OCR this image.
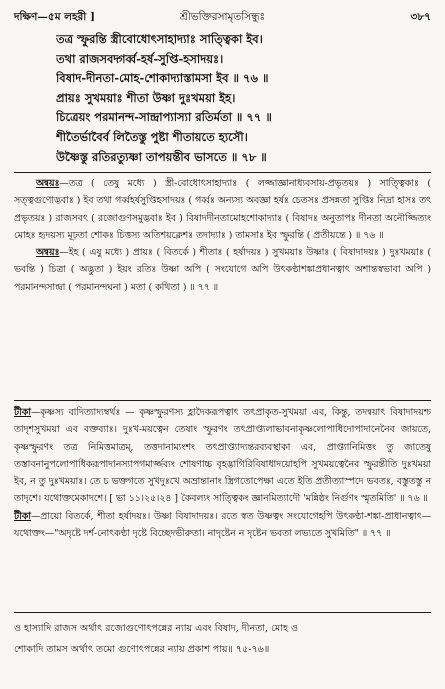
দক্ষিণ—৫ম লহরী ]	শ্রীভক্তিরসামৃতসিন্ধুঃ	৩৮৭
তত্র স্ফুরন্তি স্ত্রীবোধোৎসাহাদ্যাঃ সাত্ত্বিকা ইব।
তথা রাজসবদ্গর্ব্ব-হর্ষ-সুপ্তি-হসাদয়ঃ।
বিষাদ-দীনতা-মোহ-শোকাদ্যাস্তামসা ইব ॥ ৭৬ ॥
প্রায়ঃ সুখময়াঃ শীতা উষ্ণা দুঃখময়া ইহ।
চিত্রেয়ং পরমানন্দ-সান্দ্রাপ্যাস্যা রতির্মতা ॥ ৭৭ ॥
শীতৈর্ভাবৈর্ব লিতৈস্তু পুষ্টা শীতায়তে হ্যসৌ।
উষ্ণৈস্তু রতিরত্যুষ্ণা তাপয়ন্তীব ভাসতে ॥ ৭৮ ॥

অন্বয়ঃ—তত্র ( তেষু মধ্যে ) স্ত্রী-বোধোৎসাহাদ্যাঃ ( লজ্জাজ্ঞানাধ্যবসায়-প্রভৃতয়ঃ ) সাত্ত্বিকাঃ ( সত্ত্বগুণোদ্ভবাঃ ) ইব তথা গর্ব্বহর্ষসুপ্তিহসাদয়ঃ ( গর্ব্বঃ অন্যস্য অবজ্ঞা হর্ষঃ চেতসঃ প্রসন্নতা সুপ্তিঃ নিদ্রা হাসঃ তৎ প্রভৃতয়ঃ ) রাজসবৎ ( রজোগুণসমুদ্ভবাঃ ইব ) বিষাদদীনতামোহশোকাদ্যাঃ ( বিষাদঃ অনুতাপঃ দীনতা অনৌজ্জিত্যং মোহঃ হৃদয়স্য মূঢ়তা শোকঃ চিত্তস্য অতিশয়ক্লেশঃ তদাদ্যাঃ ) তামসাঃ ইব স্ফুরন্তি ( প্রতীয়ন্তে ) ॥ ৭৬ ॥

অন্বয়ঃ—ইহ ( এষু মধ্যে ) প্রায়ঃ ( বিতর্কে ) শীতাঃ ( হর্ষাদয়ঃ ) সুখময়াঃ উষ্ণাঃ ( বিষাদাদয়ঃ ) দুঃখময়াঃ ( ভবন্তি ) চিত্রা ( অদ্ভুতা ) ইয়ং রতিঃ উষ্ণা অপি ( সংযোগে অপি উৎকণ্ঠাশঙ্কাপ্রধানত্বাৎ অশান্তস্বভাবা অপি ) পরমানন্দসান্দ্রা ( পরমানন্দঘনা ) মতা ( কথিতা ) ॥ ৭৭ ॥

টীকা—কৃষ্ণস্য বাদিত্যাদ্যম্বর্থঃ — কৃষ্ণস্ফুরণস্য হ্লাদৈকরূপত্বাৎ তৎপ্রাকৃত-সুখময়া এব, কিন্তু, তদন্বয়াৎ বিষাদাদয়শ্চ তাদৃশসুখময়া এব বক্তব্যাঃ। দুঃখ-ময়ত্বেন তেষাং স্ফুরণং তৎপ্রাপ্ত্যলাভাবনাকৃষ্ণলোপাধিদোপাদানেনৈব জায়তে, কৃষ্ণস্ফুরণং তত্র নিমিত্তমাত্রম্, তত্তদানাম্যংশং তৎপ্রাপ্ত্যাদ্যন্তরব্যবস্থাকা এব, প্রাপ্ত্যানিমিত্তং তু জাতেষু তস্তাবনানুপলোপাধিকরূপাদানস্যাপগমার্জ্জব্যং শোষণাচ্চ বৃহদ্ভাগিরিবিষাধাদয়োহপি সুখময়ত্বেনৈব স্ফুরন্তীতি দুঃখময়া ইব, ন তু দুঃখময়াঃ। তে চ ভক্তগতে সুখদুঃখে অভ্রান্তানাং স্ত্রিগতোপেক্ষা এতে ইতি প্রতীত্যাস্পদে ভবতঃ, বস্তুতস্তু ন তাদৃশে। যথোক্তমেকাদশে। [ ভা ১১।২৫।২৪ ] কৈবল্যং সাত্ত্বিকং জ্ঞানমিত্যাদৌ 'মন্নিষ্ঠং নির্গুণং স্মৃতমিতি' ॥ ৭৬ ॥

টীকা—প্রায়ো বিতর্কে, শীতা হর্ষাদয়ঃ। উষ্ণা বিষাদাদয়ঃ। রতে স্বত উষ্ণত্বং সংযোগেহপি উৎকণ্ঠা-শঙ্কা-প্রাধানত্বাৎ—যথোক্তং—"অদৃষ্টে দর্শ-নোৎকণ্ঠা দৃষ্টে বিচ্ছেদভীরুতা। নাদৃষ্টেন ন দৃষ্টেন ভবতা লভ্যতে সুখমিতি" ॥ ৭৭ ॥

ও হাস্যাদি রাজস অর্থাৎ রজোগুণোৎপন্নের ন্যায় এবং বিষাদ, দীনতা, মোহ ও

শোকাদি তামস অর্থাৎ তমো গুণোৎপন্নের ন্যায় প্রকাশ পায়॥ ৭৫-৭৬॥
